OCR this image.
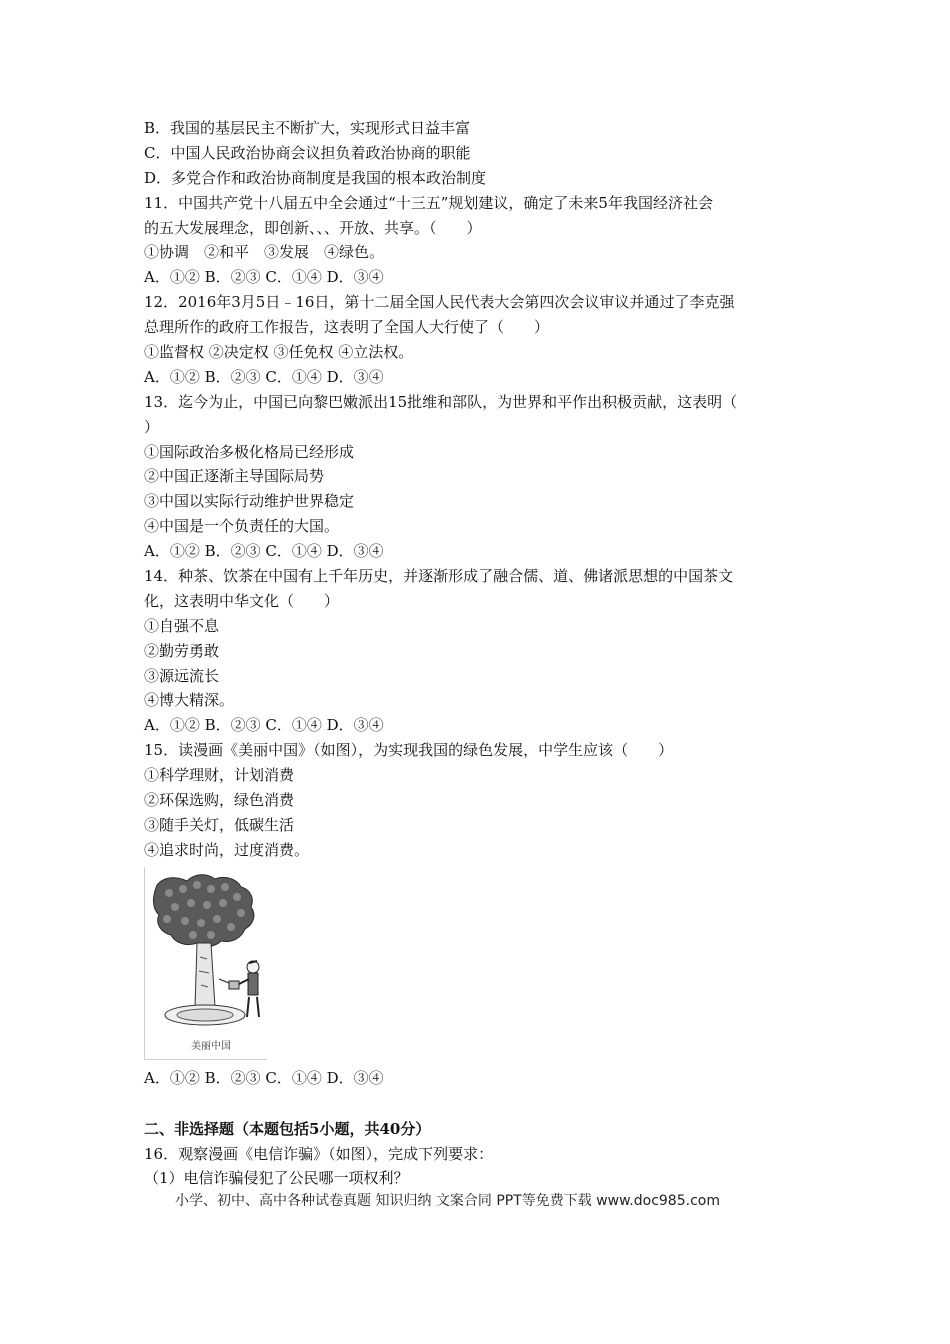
B．我国的基层民主不断扩大，实现形式日益丰富
C．中国人民政治协商会议担负着政治协商的职能
D．多党合作和政治协商制度是我国的根本政治制度
11．中国共产党十八届五中全会通过“十三五”规划建议，确定了未来5年我国经济社会
的五大发展理念，即创新、、、开放、共享。（　　）
①协调　②和平　③发展　④绿色。
A．①② B．②③ C．①④ D．③④
12．2016年3月5日﹣16日，第十二届全国人民代表大会第四次会议审议并通过了李克强
总理所作的政府工作报告，这表明了全国人大行使了（　　）
①监督权 ②决定权 ③任免权 ④立法权。
A．①② B．②③ C．①④ D．③④
13．迄今为止，中国已向黎巴嫩派出15批维和部队，为世界和平作出积极贡献，这表明（
）
①国际政治多极化格局已经形成
②中国正逐渐主导国际局势
③中国以实际行动维护世界稳定
④中国是一个负责任的大国。
A．①② B．②③ C．①④ D．③④
14．种茶、饮茶在中国有上千年历史，并逐渐形成了融合儒、道、佛诸派思想的中国茶文
化，这表明中华文化（　　）
①自强不息
②勤劳勇敢
③源远流长
④博大精深。
A．①② B．②③ C．①④ D．③④
15．读漫画《美丽中国》（如图），为实现我国的绿色发展，中学生应该（　　）
①科学理财，计划消费
②环保选购，绿色消费
③随手关灯，低碳生活
④追求时尚，过度消费。
美丽中国
A．①② B．②③ C．①④ D．③④
二、非选择题（本题包括5小题，共40分）
16．观察漫画《电信诈骗》（如图），完成下列要求：
（1）电信诈骗侵犯了公民哪一项权利？
小学、初中、高中各种试卷真题 知识归纳 文案合同 PPT等免费下载 www.doc985.com
